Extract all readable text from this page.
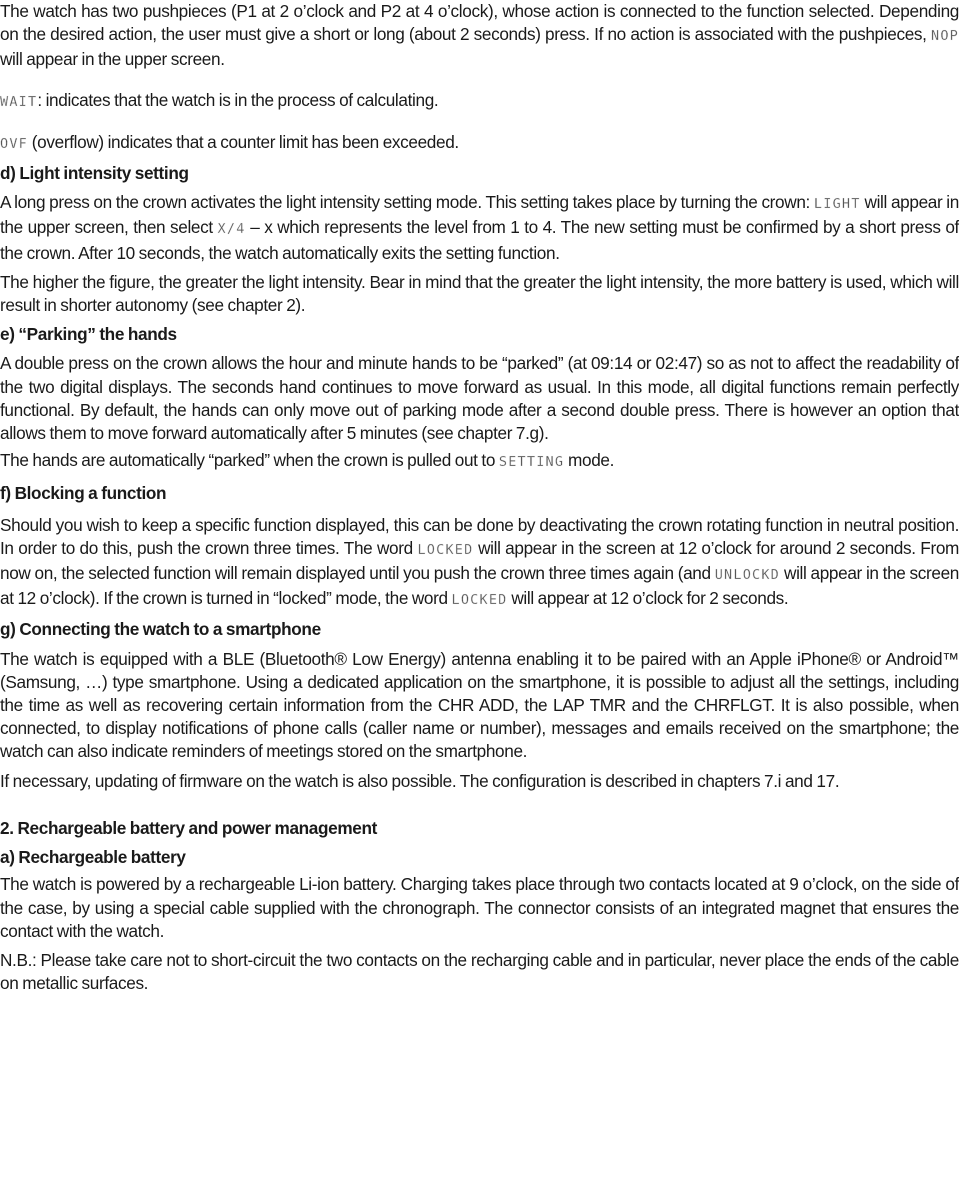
The watch has two pushpieces (P1 at 2 o’clock and P2 at 4 o’clock), whose action is connected to the function selected. Depending on the desired action, the user must give a short or long (about 2 seconds) press. If no action is associated with the pushpieces, NOP will appear in the upper screen.

WAIT: indicates that the watch is in the process of calculating.

OVF (overflow) indicates that a counter limit has been exceeded.

d) Light intensity setting

A long press on the crown activates the light intensity setting mode. This setting takes place by turning the crown: LIGHT will appear in the upper screen, then select X/4 – x which represents the level from 1 to 4. The new setting must be confirmed by a short press of the crown. After 10 seconds, the watch automatically exits the setting function.

The higher the figure, the greater the light intensity. Bear in mind that the greater the light intensity, the more battery is used, which will result in shorter autonomy (see chapter 2).

e) “Parking” the hands

A double press on the crown allows the hour and minute hands to be “parked” (at 09:14 or 02:47) so as not to affect the readability of the two digital displays. The seconds hand continues to move forward as usual. In this mode, all digital functions remain perfectly functional. By default, the hands can only move out of parking mode after a second double press. There is however an option that allows them to move forward automatically after 5 minutes (see chapter 7.g).

The hands are automatically “parked” when the crown is pulled out to SETTING mode.

f) Blocking a function

Should you wish to keep a specific function displayed, this can be done by deactivating the crown rotating function in neutral position. In order to do this, push the crown three times. The word LOCKED will appear in the screen at 12 o’clock for around 2 seconds. From now on, the selected function will remain displayed until you push the crown three times again (and UNLOCKD will appear in the screen at 12 o’clock). If the crown is turned in “locked” mode, the word LOCKED will appear at 12 o’clock for 2 seconds.

g) Connecting the watch to a smartphone

The watch is equipped with a BLE (Bluetooth® Low Energy) antenna enabling it to be paired with an Apple iPhone® or Android™ (Samsung, …) type smartphone. Using a dedicated application on the smartphone, it is possible to adjust all the settings, including the time as well as recovering certain information from the CHR ADD, the LAP TMR and the CHRFLGT. It is also possible, when connected, to display notifications of phone calls (caller name or number), messages and emails received on the smartphone; the watch can also indicate reminders of meetings stored on the smartphone.

If necessary, updating of firmware on the watch is also possible. The configuration is described in chapters 7.i and 17.

2. Rechargeable battery and power management

a) Rechargeable battery

The watch is powered by a rechargeable Li-ion battery. Charging takes place through two contacts located at 9 o’clock, on the side of the case, by using a special cable supplied with the chronograph. The connector consists of an integrated magnet that ensures the contact with the watch.

N.B.: Please take care not to short-circuit the two contacts on the recharging cable and in particular, never place the ends of the cable on metallic surfaces.
